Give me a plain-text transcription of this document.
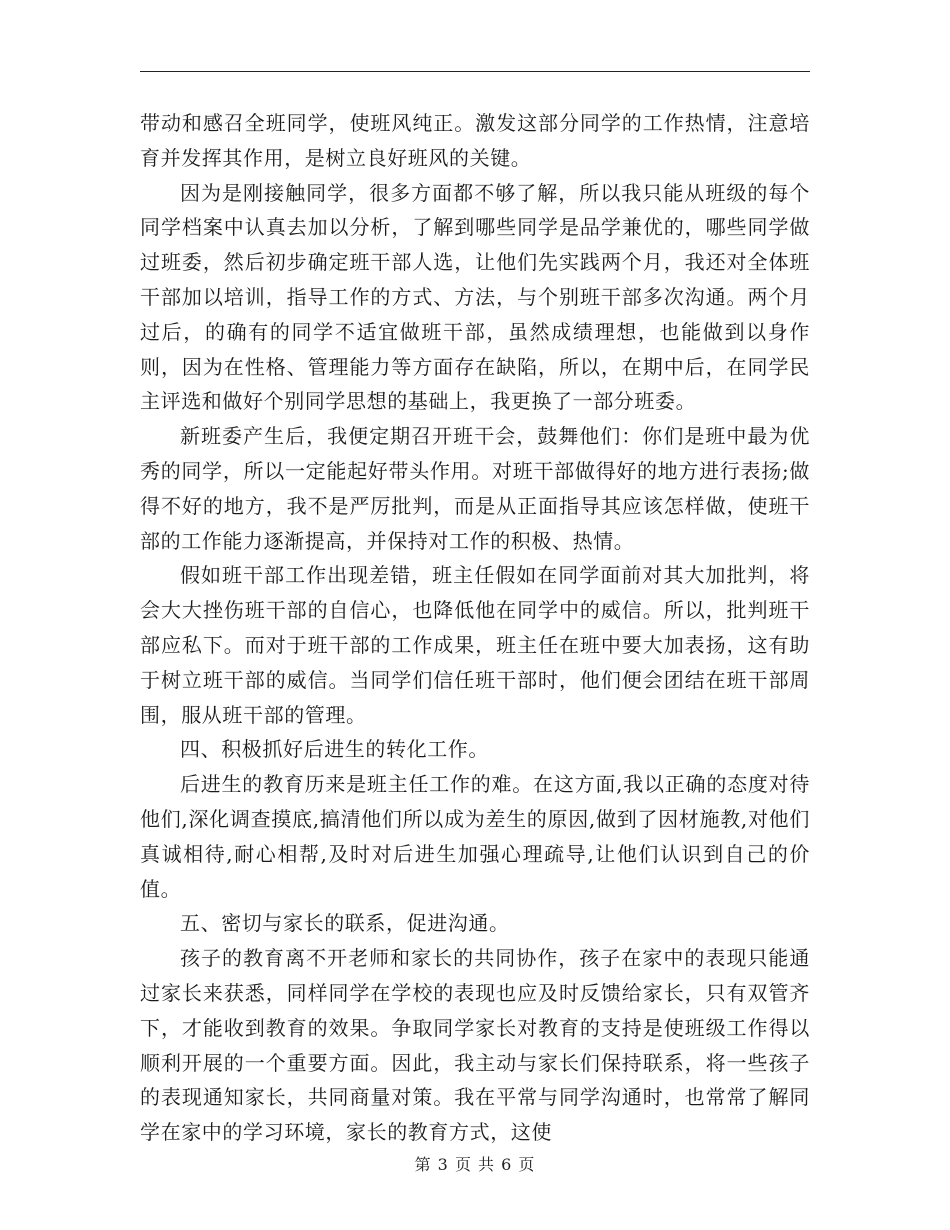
带动和感召全班同学，使班风纯正。激发这部分同学的工作热情，注意培育并发挥其作用，是树立良好班风的关键。

因为是刚接触同学，很多方面都不够了解，所以我只能从班级的每个同学档案中认真去加以分析，了解到哪些同学是品学兼优的，哪些同学做过班委，然后初步确定班干部人选，让他们先实践两个月，我还对全体班干部加以培训，指导工作的方式、方法，与个别班干部多次沟通。两个月过后，的确有的同学不适宜做班干部，虽然成绩理想，也能做到以身作则，因为在性格、管理能力等方面存在缺陷，所以，在期中后，在同学民主评选和做好个别同学思想的基础上，我更换了一部分班委。

新班委产生后，我便定期召开班干会，鼓舞他们：你们是班中最为优秀的同学，所以一定能起好带头作用。对班干部做得好的地方进行表扬;做得不好的地方，我不是严厉批判，而是从正面指导其应该怎样做，使班干部的工作能力逐渐提高，并保持对工作的积极、热情。

假如班干部工作出现差错，班主任假如在同学面前对其大加批判，将会大大挫伤班干部的自信心，也降低他在同学中的威信。所以，批判班干部应私下。而对于班干部的工作成果，班主任在班中要大加表扬，这有助于树立班干部的威信。当同学们信任班干部时，他们便会团结在班干部周围，服从班干部的管理。

四、积极抓好后进生的转化工作。

后进生的教育历来是班主任工作的难。在这方面,我以正确的态度对待他们,深化调查摸底,搞清他们所以成为差生的原因,做到了因材施教,对他们真诚相待,耐心相帮,及时对后进生加强心理疏导,让他们认识到自己的价值。

五、密切与家长的联系，促进沟通。

孩子的教育离不开老师和家长的共同协作，孩子在家中的表现只能通过家长来获悉，同样同学在学校的表现也应及时反馈给家长，只有双管齐下，才能收到教育的效果。争取同学家长对教育的支持是使班级工作得以顺利开展的一个重要方面。因此，我主动与家长们保持联系，将一些孩子的表现通知家长，共同商量对策。我在平常与同学沟通时，也常常了解同学在家中的学习环境，家长的教育方式，这使

第 3 页 共 6 页
